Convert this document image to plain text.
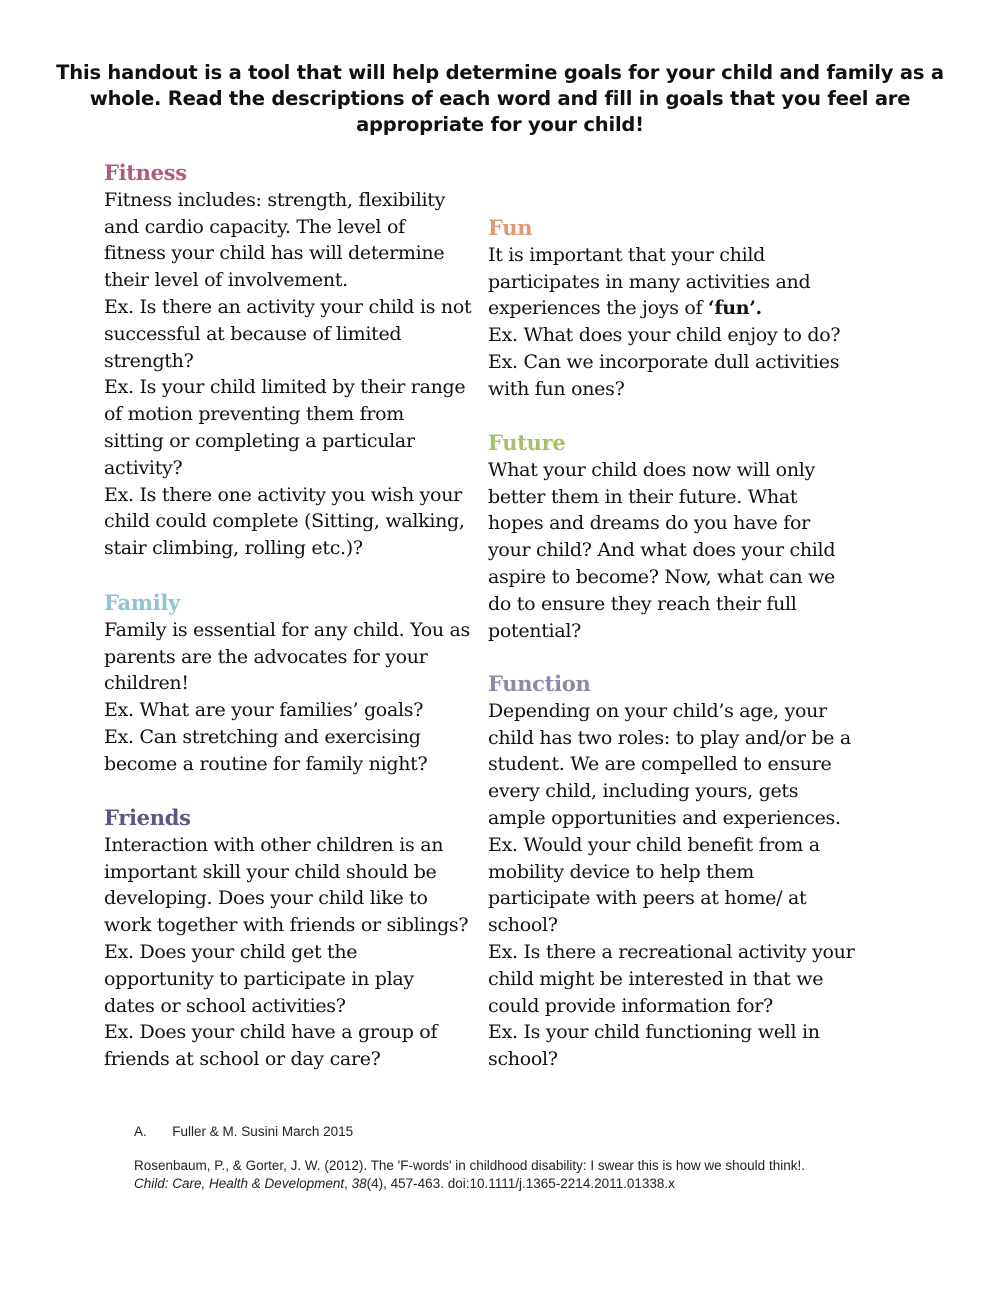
This handout is a tool that will help determine goals for your child and family as a whole. Read the descriptions of each word and fill in goals that you feel are appropriate for your child!

Fitness

Fitness includes: strength, flexibility

and cardio capacity. The level of

fitness your child has will determine

their level of involvement.

Ex. Is there an activity your child is not

successful at because of limited

strength?

Ex. Is your child limited by their range

of motion preventing them from

sitting or completing a particular

activity?

Ex. Is there one activity you wish your

child could complete (Sitting, walking,

stair climbing, rolling etc.)?

Family

Family is essential for any child. You as

parents are the advocates for your

children!

Ex. What are your families’ goals?

Ex. Can stretching and exercising

become a routine for family night?

Friends

Interaction with other children is an

important skill your child should be

developing. Does your child like to

work together with friends or siblings?

Ex. Does your child get the

opportunity to participate in play

dates or school activities?

Ex. Does your child have a group of

friends at school or day care?

Fun

It is important that your child

participates in many activities and

experiences the joys of ‘fun’.

Ex. What does your child enjoy to do?

Ex. Can we incorporate dull activities

with fun ones?

Future

What your child does now will only

better them in their future. What

hopes and dreams do you have for

your child? And what does your child

aspire to become? Now, what can we

do to ensure they reach their full

potential?

Function

Depending on your child’s age, your

child has two roles: to play and/or be a

student. We are compelled to ensure

every child, including yours, gets

ample opportunities and experiences.

Ex. Would your child benefit from a

mobility device to help them

participate with peers at home/ at

school?

Ex. Is there a recreational activity your

child might be interested in that we

could provide information for?

Ex. Is your child functioning well in

school?

A. Fuller & M. Susini March 2015
Rosenbaum, P., & Gorter, J. W. (2012). The 'F-words' in childhood disability: I swear this is how we should think!.
Child: Care, Health & Development, 38(4), 457-463. doi:10.1111/j.1365-2214.2011.01338.x
